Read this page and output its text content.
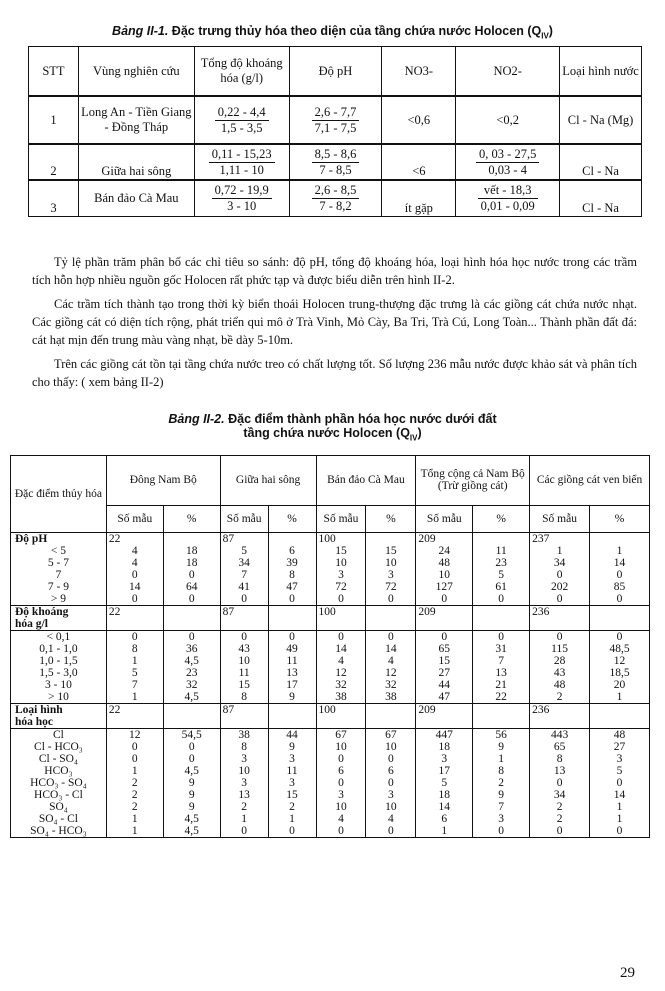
Bảng II-1. Đặc trưng thủy hóa theo diện của tầng chứa nước Holocen $(Q_{IV})$
STT	Vùng nghiên cứu	Tổng độ khoáng hóa (g/l)	Độ pH	NO3-	NO2-	Loại hình nước
1	Long An - Tiền Giang - Đồng Tháp	$\frac{0,22 - 4,4}{1,5 - 3,5}$	$\frac{2,6 - 7,7}{7,1 - 7,5}$	<0,6	<0,2	Cl - Na (Mg)
2	Giữa hai sông	$\frac{0,11 - 15,23}{1,11 - 10}$	$\frac{8,5 - 8,6}{7 - 8,5}$	<6	$\frac{0, 03 - 27,5}{0,03 - 4}$	Cl - Na
3	Bán đảo Cà Mau	$\frac{0,72 - 19,9}{3 - 10}$	$\frac{2,6 - 8,5}{7 - 8,2}$	ít gặp	$\frac{\text{vết - 18,3}}{0,01 - 0,09}$	Cl - Na

Tỷ lệ phần trăm phân bố các chỉ tiêu so sánh: độ pH, tổng độ khoáng hóa, loại hình hóa học nước trong các trầm tích hỗn hợp nhiều nguồn gốc Holocen rất phức tạp và được biểu diễn trên hình II-2.

Các trầm tích thành tạo trong thời kỳ biển thoái Holocen trung-thượng đặc trưng là các giồng cát chứa nước nhạt. Các giồng cát có diện tích rộng, phát triển qui mô ở Trà Vinh, Mỏ Cày, Ba Tri, Trà Cú, Long Toàn... Thành phần đất đá: cát hạt mịn đến trung màu vàng nhạt, bề dày 5-10m.

Trên các giồng cát tồn tại tầng chứa nước treo có chất lượng tốt. Số lượng 236 mẫu nước được khảo sát và phân tích cho thấy: ( xem bảng II-2)

Bảng II-2. Đặc điểm thành phần hóa học nước dưới đất
tầng chứa nước Holocen $(Q_{IV})$
Đặc điểm thủy hóa	Đông Nam Bộ		Giữa hai sông		Bán đảo Cà Mau		Tổng cộng cả Nam Bộ (Trừ giồng cát)		Các giồng cát ven biển	
	Số mẫu	%	Số mẫu	%	Số mẫu	%	Số mẫu	%	Số mẫu	%
Độ pH	22		87		100		209		237	
< 5	4	18	5	6	15	15	24	11	1	1
5 - 7	4	18	34	39	10	10	48	23	34	14
7	0	0	7	8	3	3	10	5	0	0
7 - 9	14	64	41	47	72	72	127	61	202	85
> 9	0	0	0	0	0	0	0	0	0	0
Độ khoáng	22		87		100		209		236	
hóa g/l										
< 0,1	0	0	0	0	0	0	0	0	0	0
0,1 - 1,0	8	36	43	49	14	14	65	31	115	48,5
1,0 - 1,5	1	4,5	10	11	4	4	15	7	28	12
1,5 - 3,0	5	23	11	13	12	12	27	13	43	18,5
3 - 10	7	32	15	17	32	32	44	21	48	20
> 10	1	4,5	8	9	38	38	47	22	2	1
Loại hình	22		87		100		209		236	
hóa học										
Cl	12	54,5	38	44	67	67	447	56	443	48
Cl - HCO₃	0	0	8	9	10	10	18	9	65	27
Cl - SO₄	0	0	3	3	0	0	3	1	8	3
HCO₃	1	4,5	10	11	6	6	17	8	13	5
HCO₃ - SO₄	2	9	3	3	0	0	5	2	0	0
HCO₃ - Cl	2	9	13	15	3	3	18	9	34	14
SO₄	2	9	2	2	10	10	14	7	2	1
SO₄ - Cl	1	4,5	1	1	4	4	6	3	2	1
SO₄ - HCO₃	1	4,5	0	0	0	0	1	0	0	0
29
